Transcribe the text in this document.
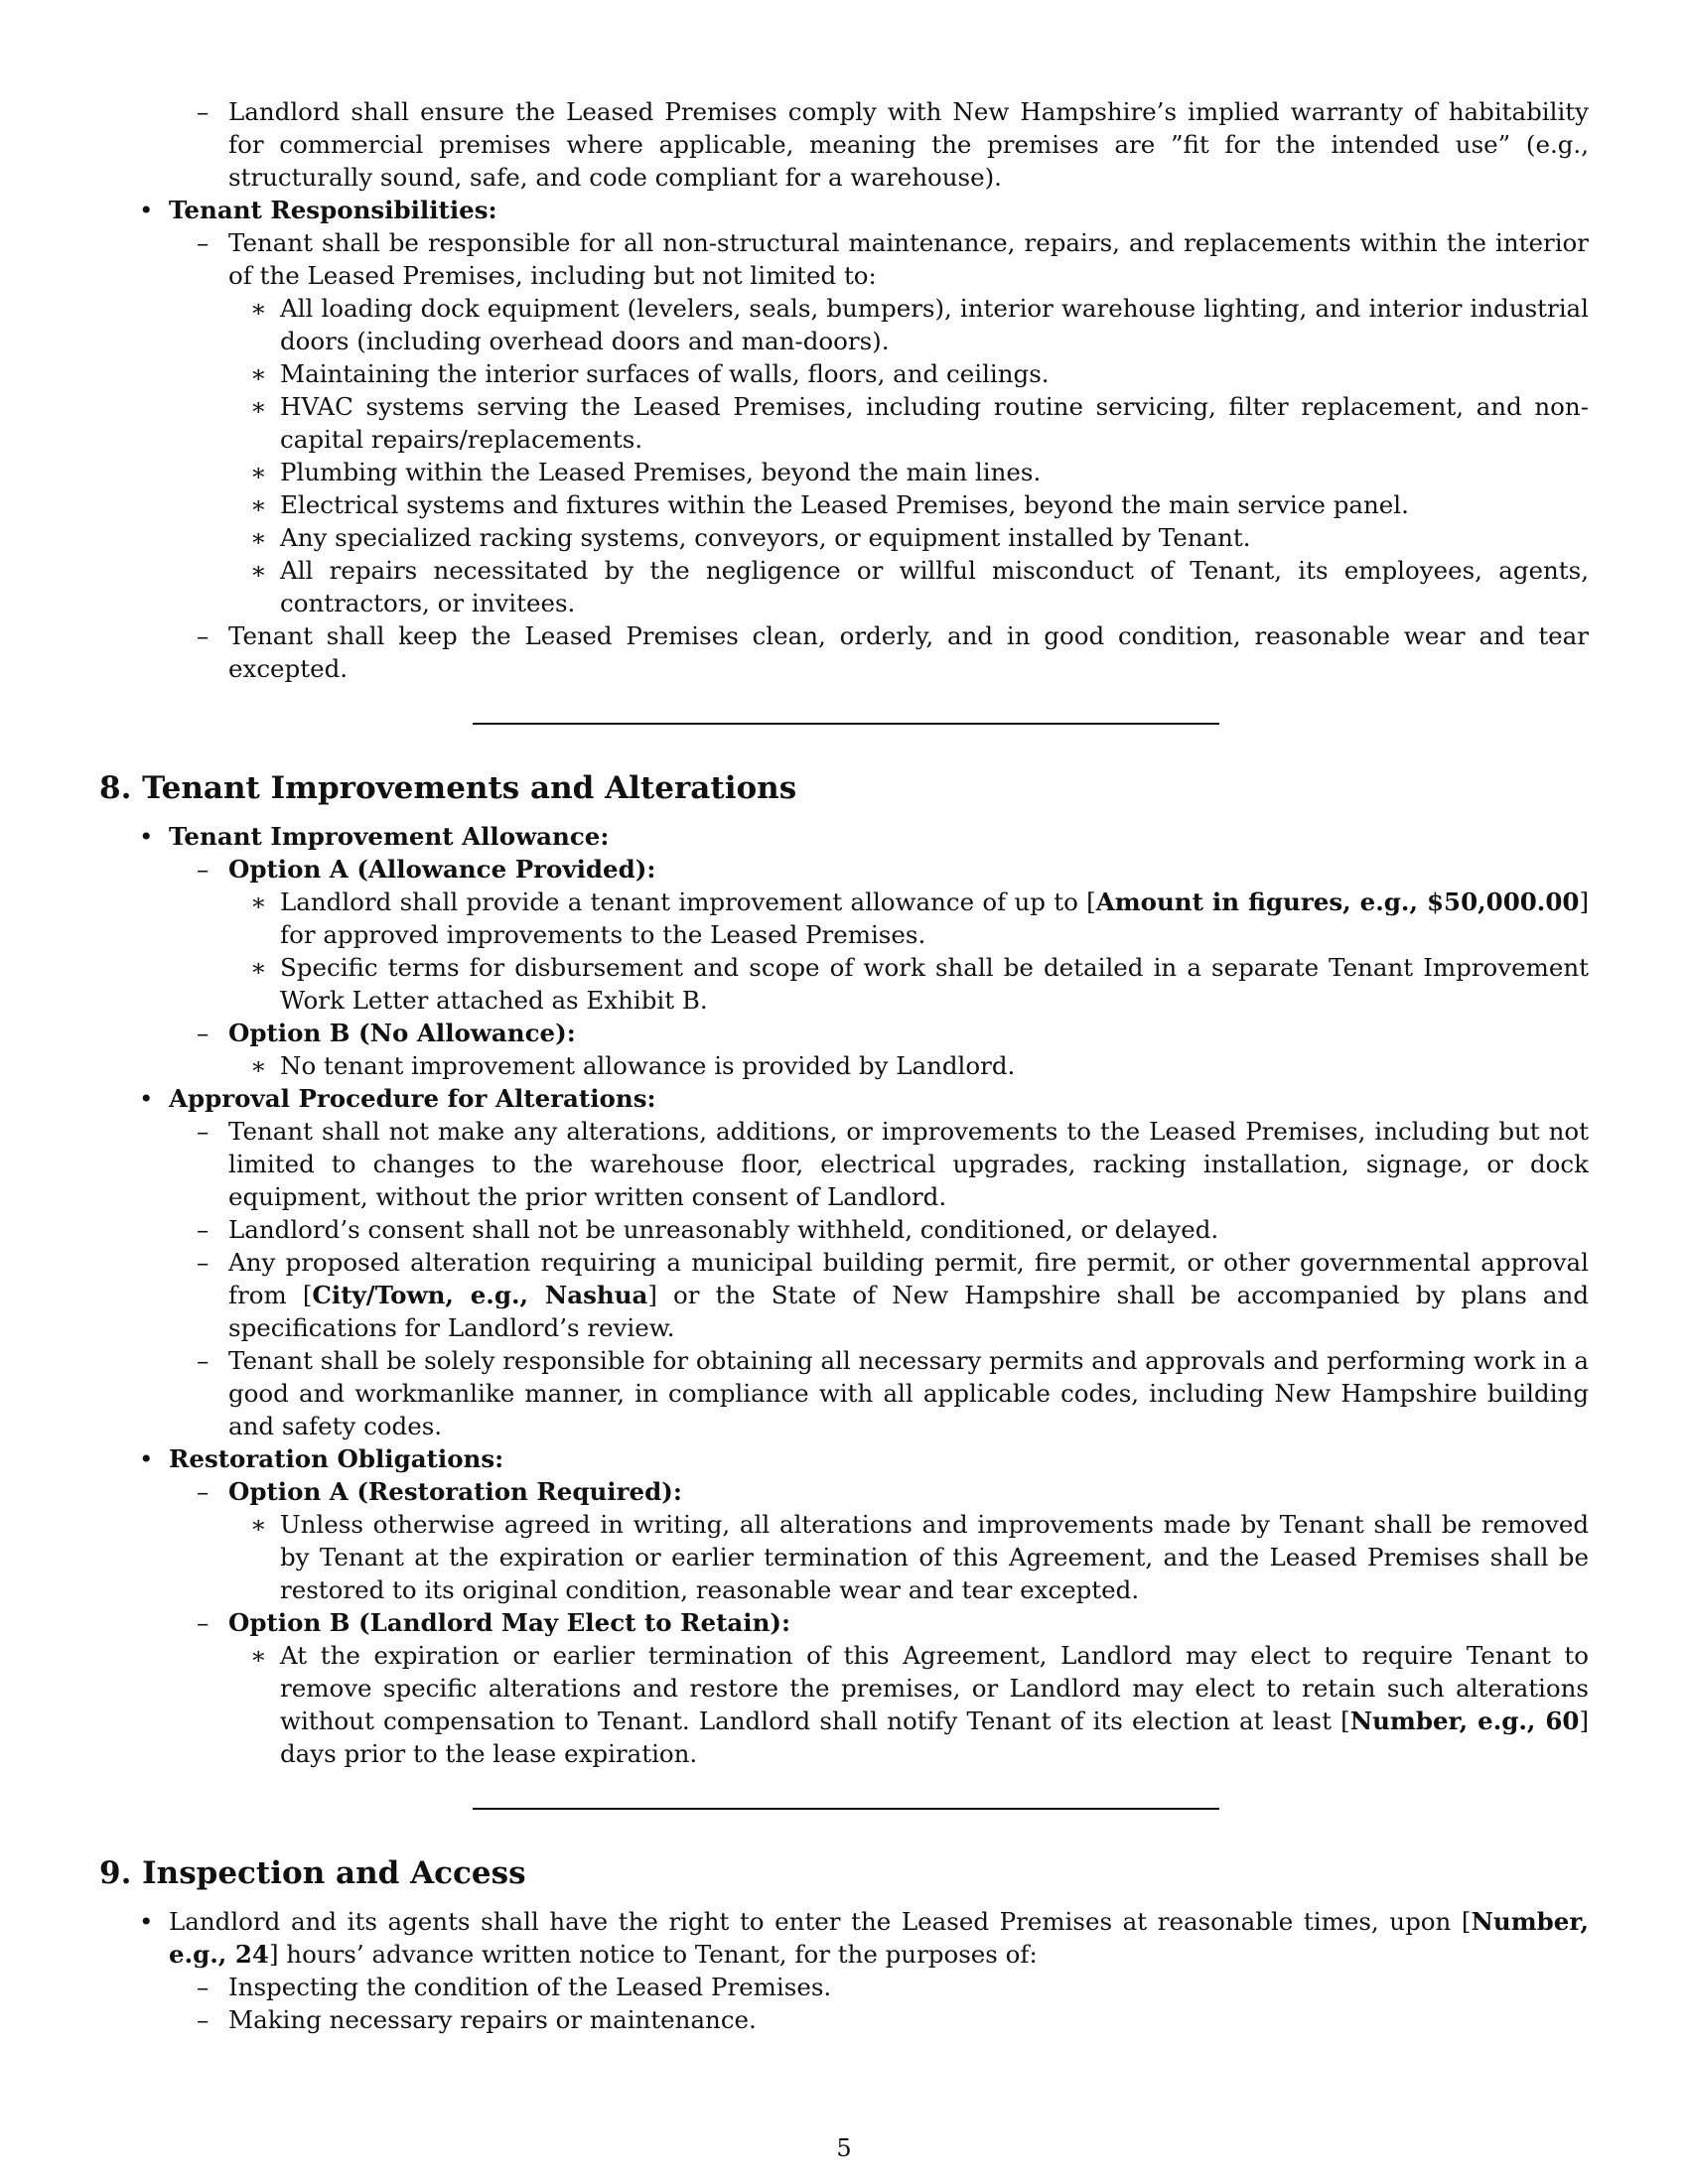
– Landlord shall ensure the Leased Premises comply with New Hampshire’s implied warranty of habitability for commercial premises where applicable, meaning the premises are ”fit for the intended use” (e.g., structurally sound, safe, and code compliant for a warehouse).

• Tenant Responsibilities:

– Tenant shall be responsible for all non-structural maintenance, repairs, and replacements within the interior of the Leased Premises, including but not limited to:

∗ All loading dock equipment (levelers, seals, bumpers), interior warehouse lighting, and interior industrial doors (including overhead doors and man-doors).

∗ Maintaining the interior surfaces of walls, floors, and ceilings.

∗ HVAC systems serving the Leased Premises, including routine servicing, filter replacement, and non-capital repairs/replacements.

∗ Plumbing within the Leased Premises, beyond the main lines.

∗ Electrical systems and fixtures within the Leased Premises, beyond the main service panel.

∗ Any specialized racking systems, conveyors, or equipment installed by Tenant.

∗ All repairs necessitated by the negligence or willful misconduct of Tenant, its employees, agents, contractors, or invitees.

– Tenant shall keep the Leased Premises clean, orderly, and in good condition, reasonable wear and tear excepted.

8. Tenant Improvements and Alterations

• Tenant Improvement Allowance:

– Option A (Allowance Provided):

∗ Landlord shall provide a tenant improvement allowance of up to [Amount in figures, e.g., $50,000.00] for approved improvements to the Leased Premises.

∗ Specific terms for disbursement and scope of work shall be detailed in a separate Tenant Improvement Work Letter attached as Exhibit B.

– Option B (No Allowance):

∗ No tenant improvement allowance is provided by Landlord.

• Approval Procedure for Alterations:

– Tenant shall not make any alterations, additions, or improvements to the Leased Premises, including but not limited to changes to the warehouse floor, electrical upgrades, racking installation, signage, or dock equipment, without the prior written consent of Landlord.

– Landlord’s consent shall not be unreasonably withheld, conditioned, or delayed.

– Any proposed alteration requiring a municipal building permit, fire permit, or other governmental approval from [City/Town, e.g., Nashua] or the State of New Hampshire shall be accompanied by plans and specifications for Landlord’s review.

– Tenant shall be solely responsible for obtaining all necessary permits and approvals and performing work in a good and workmanlike manner, in compliance with all applicable codes, including New Hampshire building and safety codes.

• Restoration Obligations:

– Option A (Restoration Required):

∗ Unless otherwise agreed in writing, all alterations and improvements made by Tenant shall be removed by Tenant at the expiration or earlier termination of this Agreement, and the Leased Premises shall be restored to its original condition, reasonable wear and tear excepted.

– Option B (Landlord May Elect to Retain):

∗ At the expiration or earlier termination of this Agreement, Landlord may elect to require Tenant to remove specific alterations and restore the premises, or Landlord may elect to retain such alterations without compensation to Tenant. Landlord shall notify Tenant of its election at least [Number, e.g., 60] days prior to the lease expiration.

9. Inspection and Access

• Landlord and its agents shall have the right to enter the Leased Premises at reasonable times, upon [Number, e.g., 24] hours’ advance written notice to Tenant, for the purposes of:

– Inspecting the condition of the Leased Premises.

– Making necessary repairs or maintenance.

5
